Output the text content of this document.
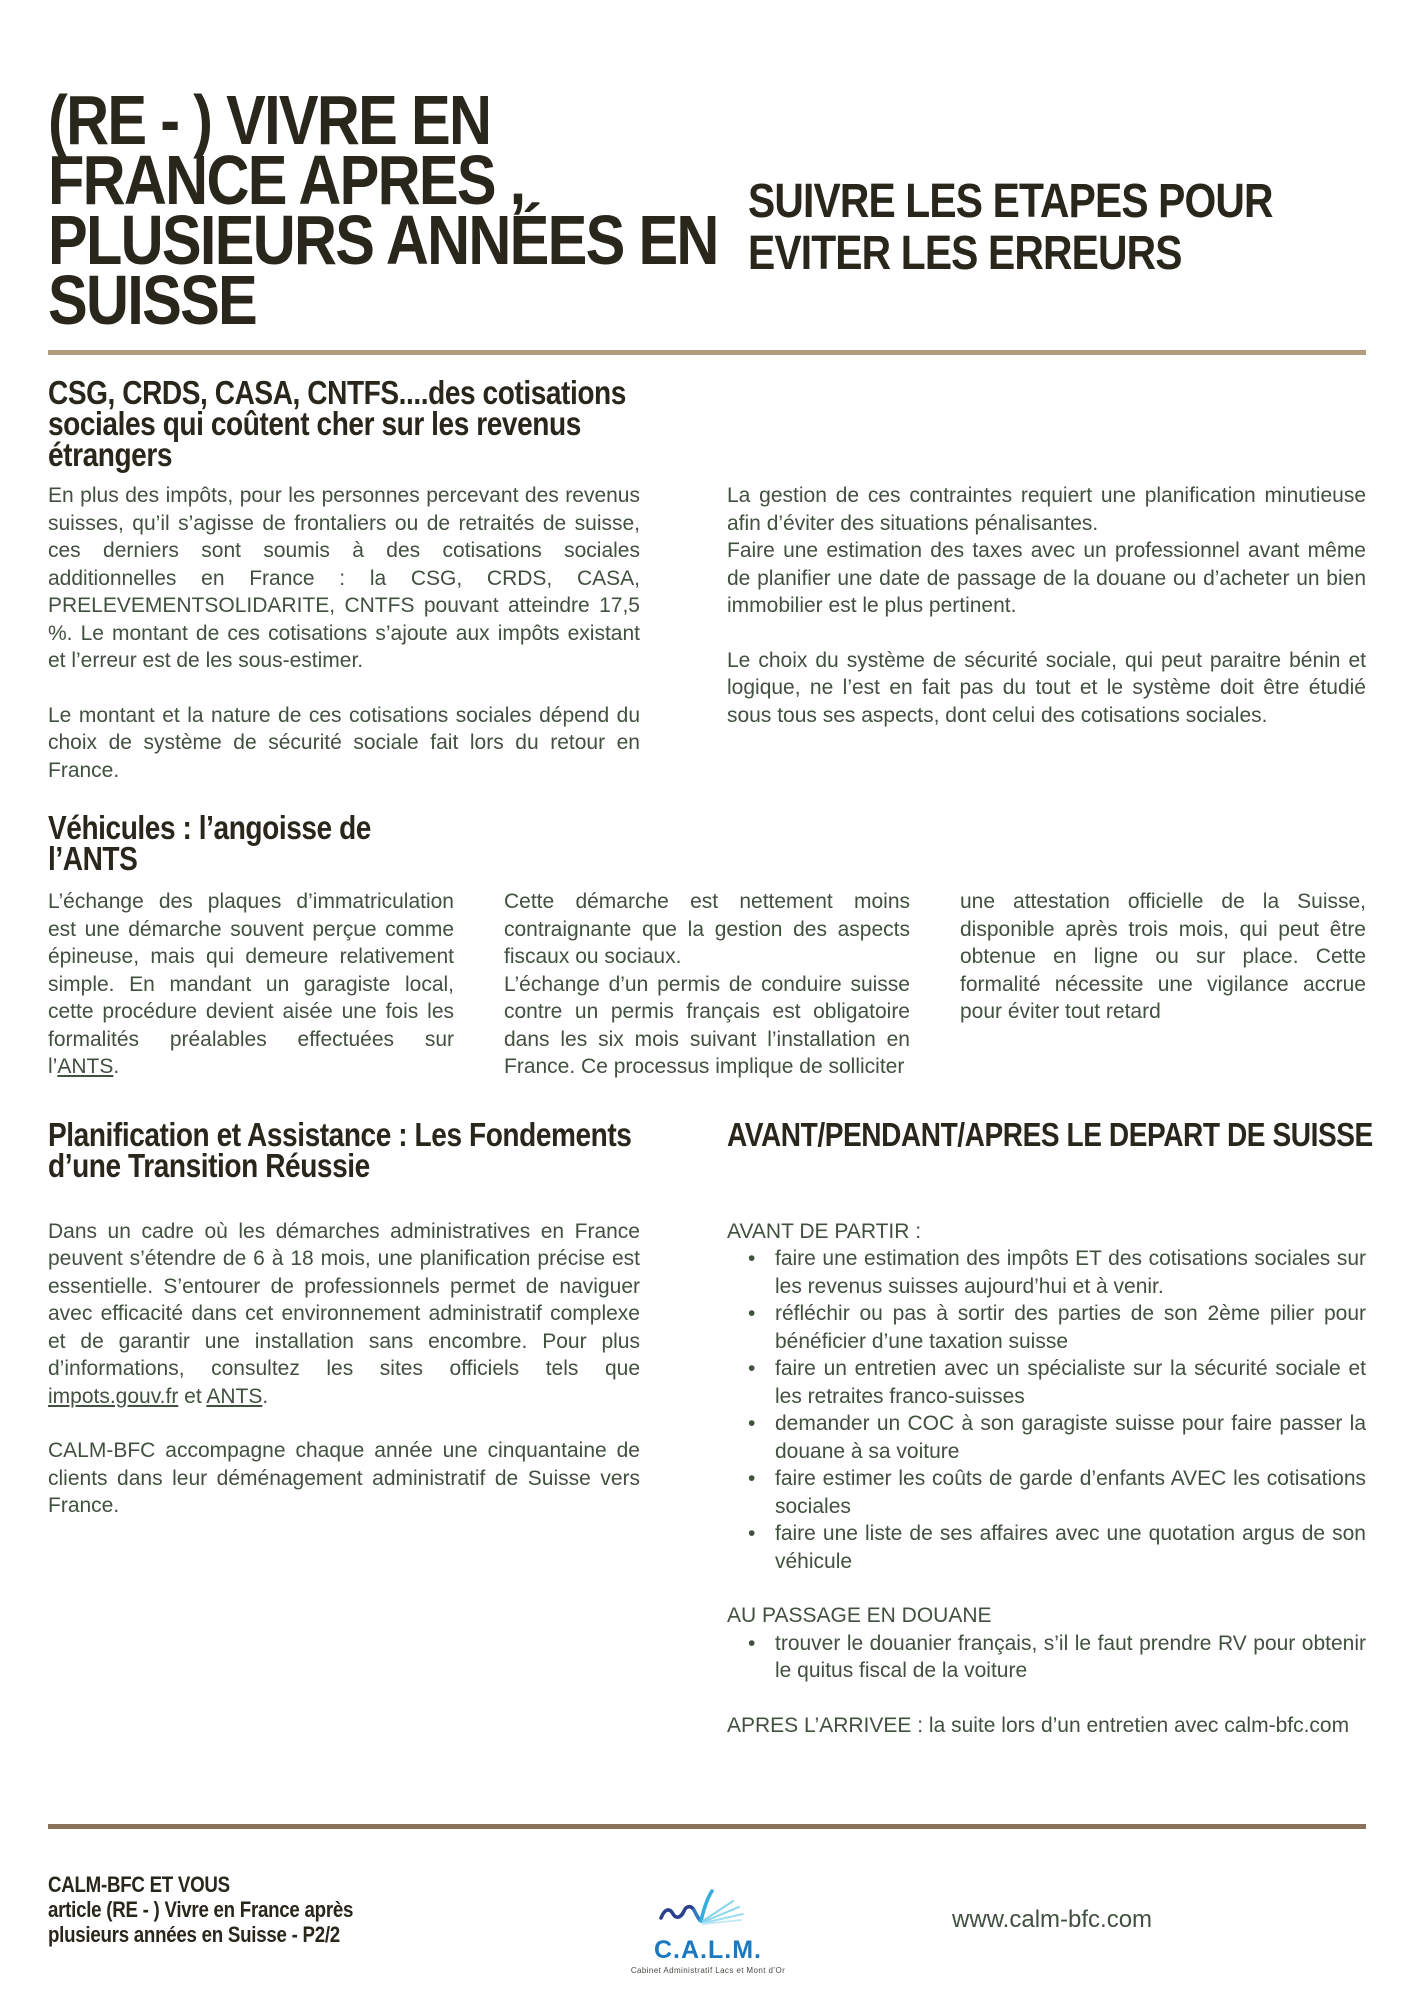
(RE - ) VIVRE EN
FRANCE APRES ,
PLUSIEURS ANNÉES EN
SUISSE
SUIVRE LES ETAPES POUR
EVITER LES ERREURS
CSG, CRDS, CASA, CNTFS....des cotisations sociales qui coûtent cher sur les revenus étrangers

En plus des impôts, pour les personnes percevant des revenus suisses, qu’il s’agisse de frontaliers ou de retraités de suisse, ces derniers sont soumis à des cotisations sociales additionnelles en France : la CSG, CRDS, CASA, PRELEVEMENTSOLIDARITE, CNTFS pouvant atteindre 17,5 %. Le montant de ces cotisations s’ajoute aux impôts existant et l’erreur est de les sous-estimer.

Le montant et la nature de ces cotisations sociales dépend du choix de système de sécurité sociale fait lors du retour en France.

La gestion de ces contraintes requiert une planification minutieuse afin d’éviter des situations pénalisantes.

Faire une estimation des taxes avec un professionnel avant même de planifier une date de passage de la douane ou d’acheter un bien immobilier est le plus pertinent.

Le choix du système de sécurité sociale, qui peut paraitre bénin et logique, ne l’est en fait pas du tout et le système doit être étudié sous tous ses aspects, dont celui des cotisations sociales.

Véhicules : l’angoisse de l’ANTS

L’échange des plaques d’immatriculation est une démarche souvent perçue comme épineuse, mais qui demeure relativement simple. En mandant un garagiste local, cette procédure devient aisée une fois les formalités préalables effectuées sur l’ANTS.

Cette démarche est nettement moins contraignante que la gestion des aspects fiscaux ou sociaux.

L’échange d’un permis de conduire suisse contre un permis français est obligatoire dans les six mois suivant l’installation en France. Ce processus implique de solliciter

une attestation officielle de la Suisse, disponible après trois mois, qui peut être obtenue en ligne ou sur place. Cette formalité nécessite une vigilance accrue pour éviter tout retard

Planification et Assistance : Les Fondements d’une Transition Réussie
AVANT/PENDANT/APRES LE DEPART DE SUISSE

Dans un cadre où les démarches administratives en France peuvent s’étendre de 6 à 18 mois, une planification précise est essentielle. S’entourer de professionnels permet de naviguer avec efficacité dans cet environnement administratif complexe et de garantir une installation sans encombre. Pour plus d’informations, consultez les sites officiels tels que impots.gouv.fr et ANTS.

CALM-BFC accompagne chaque année une cinquantaine de clients dans leur déménagement administratif de Suisse vers France.

AVANT DE PARTIR :

• faire une estimation des impôts ET des cotisations sociales sur les revenus suisses aujourd’hui et à venir.
• réfléchir ou pas à sortir des parties de son 2ème pilier pour bénéficier d’une taxation suisse
• faire un entretien avec un spécialiste sur la sécurité sociale et les retraites franco-suisses
• demander un COC à son garagiste suisse pour faire passer la douane à sa voiture
• faire estimer les coûts de garde d’enfants AVEC les cotisations sociales
• faire une liste de ses affaires avec une quotation argus de son véhicule

AU PASSAGE EN DOUANE

• trouver le douanier français, s’il le faut prendre RV pour obtenir le quitus fiscal de la voiture

APRES L’ARRIVEE : la suite lors d’un entretien avec calm-bfc.com

CALM-BFC ET VOUS
article (RE - ) Vivre en France après
plusieurs années en Suisse - P2/2
C.A.L.M.
Cabinet Administratif Lacs et Mont d’Or
www.calm-bfc.com
